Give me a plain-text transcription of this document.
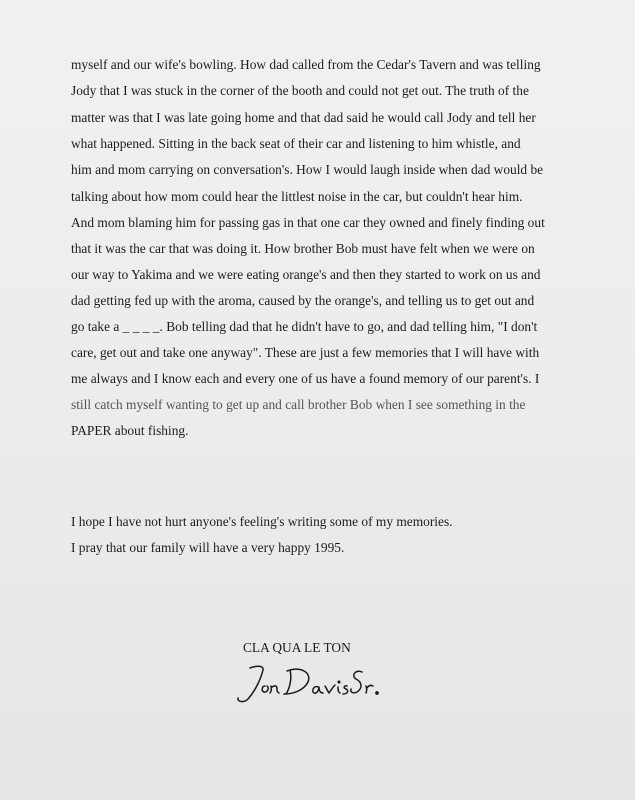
myself and our wife's bowling. How dad called from the Cedar's Tavern and was telling
Jody that I was stuck in the corner of the booth and could not get out. The truth of the
matter was that I was late going home and that dad said he would call Jody and tell her
what happened. Sitting in the back seat of their car and listening to him whistle, and
him and mom carrying on conversation's. How I would laugh inside when dad would be
talking about how mom could hear the littlest noise in the car, but couldn't hear him.
And mom blaming him for passing gas in that one car they owned and finely finding out
that it was the car that was doing it. How brother Bob must have felt when we were on
our way to Yakima and we were eating orange's and then they started to work on us and
dad getting fed up with the aroma, caused by the orange's, and telling us to get out and
go take a _ _ _ _. Bob telling dad that he didn't have to go, and dad telling him, "I don't
care, get out and take one anyway". These are just a few memories that I will have with
me always and I know each and every one of us have a found memory of our parent's. I
still catch myself wanting to get up and call brother Bob when I see something in the
PAPER about fishing.
I hope I have not hurt anyone's feeling's writing some of my memories.
I pray that our family will have a very happy 1995.
CLA QUA LE TON
